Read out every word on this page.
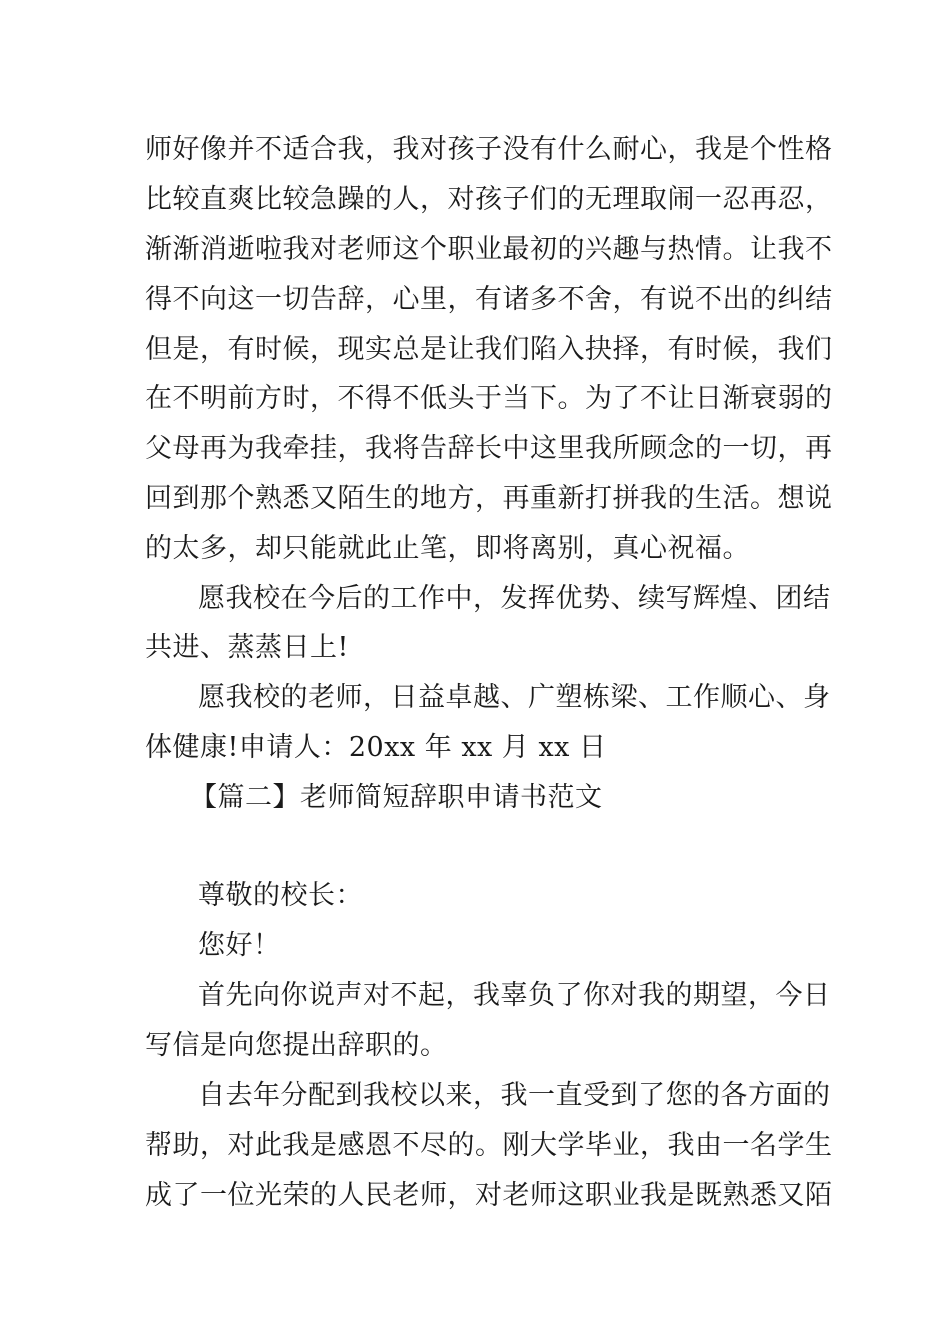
师好像并不适合我，我对孩子没有什么耐心，我是个性格
比较直爽比较急躁的人，对孩子们的无理取闹一忍再忍，
渐渐消逝啦我对老师这个职业最初的兴趣与热情。让我不
得不向这一切告辞，心里，有诸多不舍，有说不出的纠结
但是，有时候，现实总是让我们陷入抉择，有时候，我们
在不明前方时，不得不低头于当下。为了不让日渐衰弱的
父母再为我牵挂，我将告辞长中这里我所顾念的一切，再
回到那个熟悉又陌生的地方，再重新打拼我的生活。想说
的太多，却只能就此止笔，即将离别，真心祝福。
愿我校在今后的工作中，发挥优势、续写辉煌、团结
共进、蒸蒸日上!
愿我校的老师，日益卓越、广塑栋梁、工作顺心、身
体健康!申请人：20xx 年 xx 月 xx 日
【篇二】老师简短辞职申请书范文
尊敬的校长：
您好！
首先向你说声对不起，我辜负了你对我的期望，今日
写信是向您提出辞职的。
自去年分配到我校以来，我一直受到了您的各方面的
帮助，对此我是感恩不尽的。刚大学毕业，我由一名学生
成了一位光荣的人民老师，对老师这职业我是既熟悉又陌
